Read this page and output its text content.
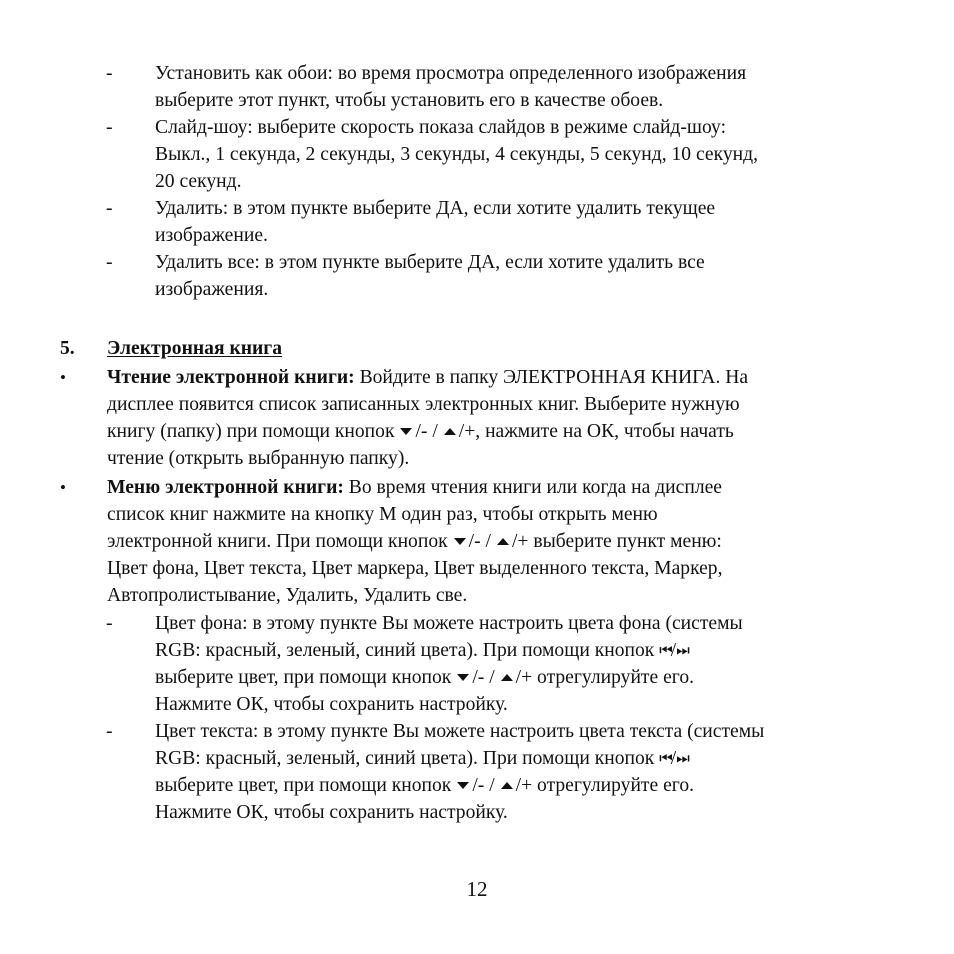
- Установить как обои: во время просмотра определенного изображения
выберите этот пункт, чтобы установить его в качестве обоев.
- Слайд-шоу: выберите скорость показа слайдов в режиме слайд-шоу:
Выкл., 1 секунда, 2 секунды, 3 секунды, 4 секунды, 5 секунд, 10 секунд,
20 секунд.
- Удалить: в этом пункте выберите ДА, если хотите удалить текущее
изображение.
- Удалить все: в этом пункте выберите ДА, если хотите удалить все
изображения.
5. Электронная книга
• Чтение электронной книги: Войдите в папку ЭЛЕКТРОННАЯ КНИГА. На
дисплее появится список записанных электронных книг. Выберите нужную
книгу (папку) при помощи кнопок /- / /+, нажмите на ОК, чтобы начать
чтение (открыть выбранную папку).
• Меню электронной книги: Во время чтения книги или когда на дисплее
список книг нажмите на кнопку М один раз, чтобы открыть меню
электронной книги. При помощи кнопок /- / /+ выберите пункт меню:
Цвет фона, Цвет текста, Цвет маркера, Цвет выделенного текста, Маркер,
Автопролистывание, Удалить, Удалить све.
- Цвет фона: в этому пункте Вы можете настроить цвета фона (системы
RGB: красный, зеленый, синий цвета). При помощи кнопок ⏮/⏭
выберите цвет, при помощи кнопок /- / /+ отрегулируйте его.
Нажмите ОК, чтобы сохранить настройку.
- Цвет текста: в этому пункте Вы можете настроить цвета текста (системы
RGB: красный, зеленый, синий цвета). При помощи кнопок ⏮/⏭
выберите цвет, при помощи кнопок /- / /+ отрегулируйте его.
Нажмите ОК, чтобы сохранить настройку.
12
